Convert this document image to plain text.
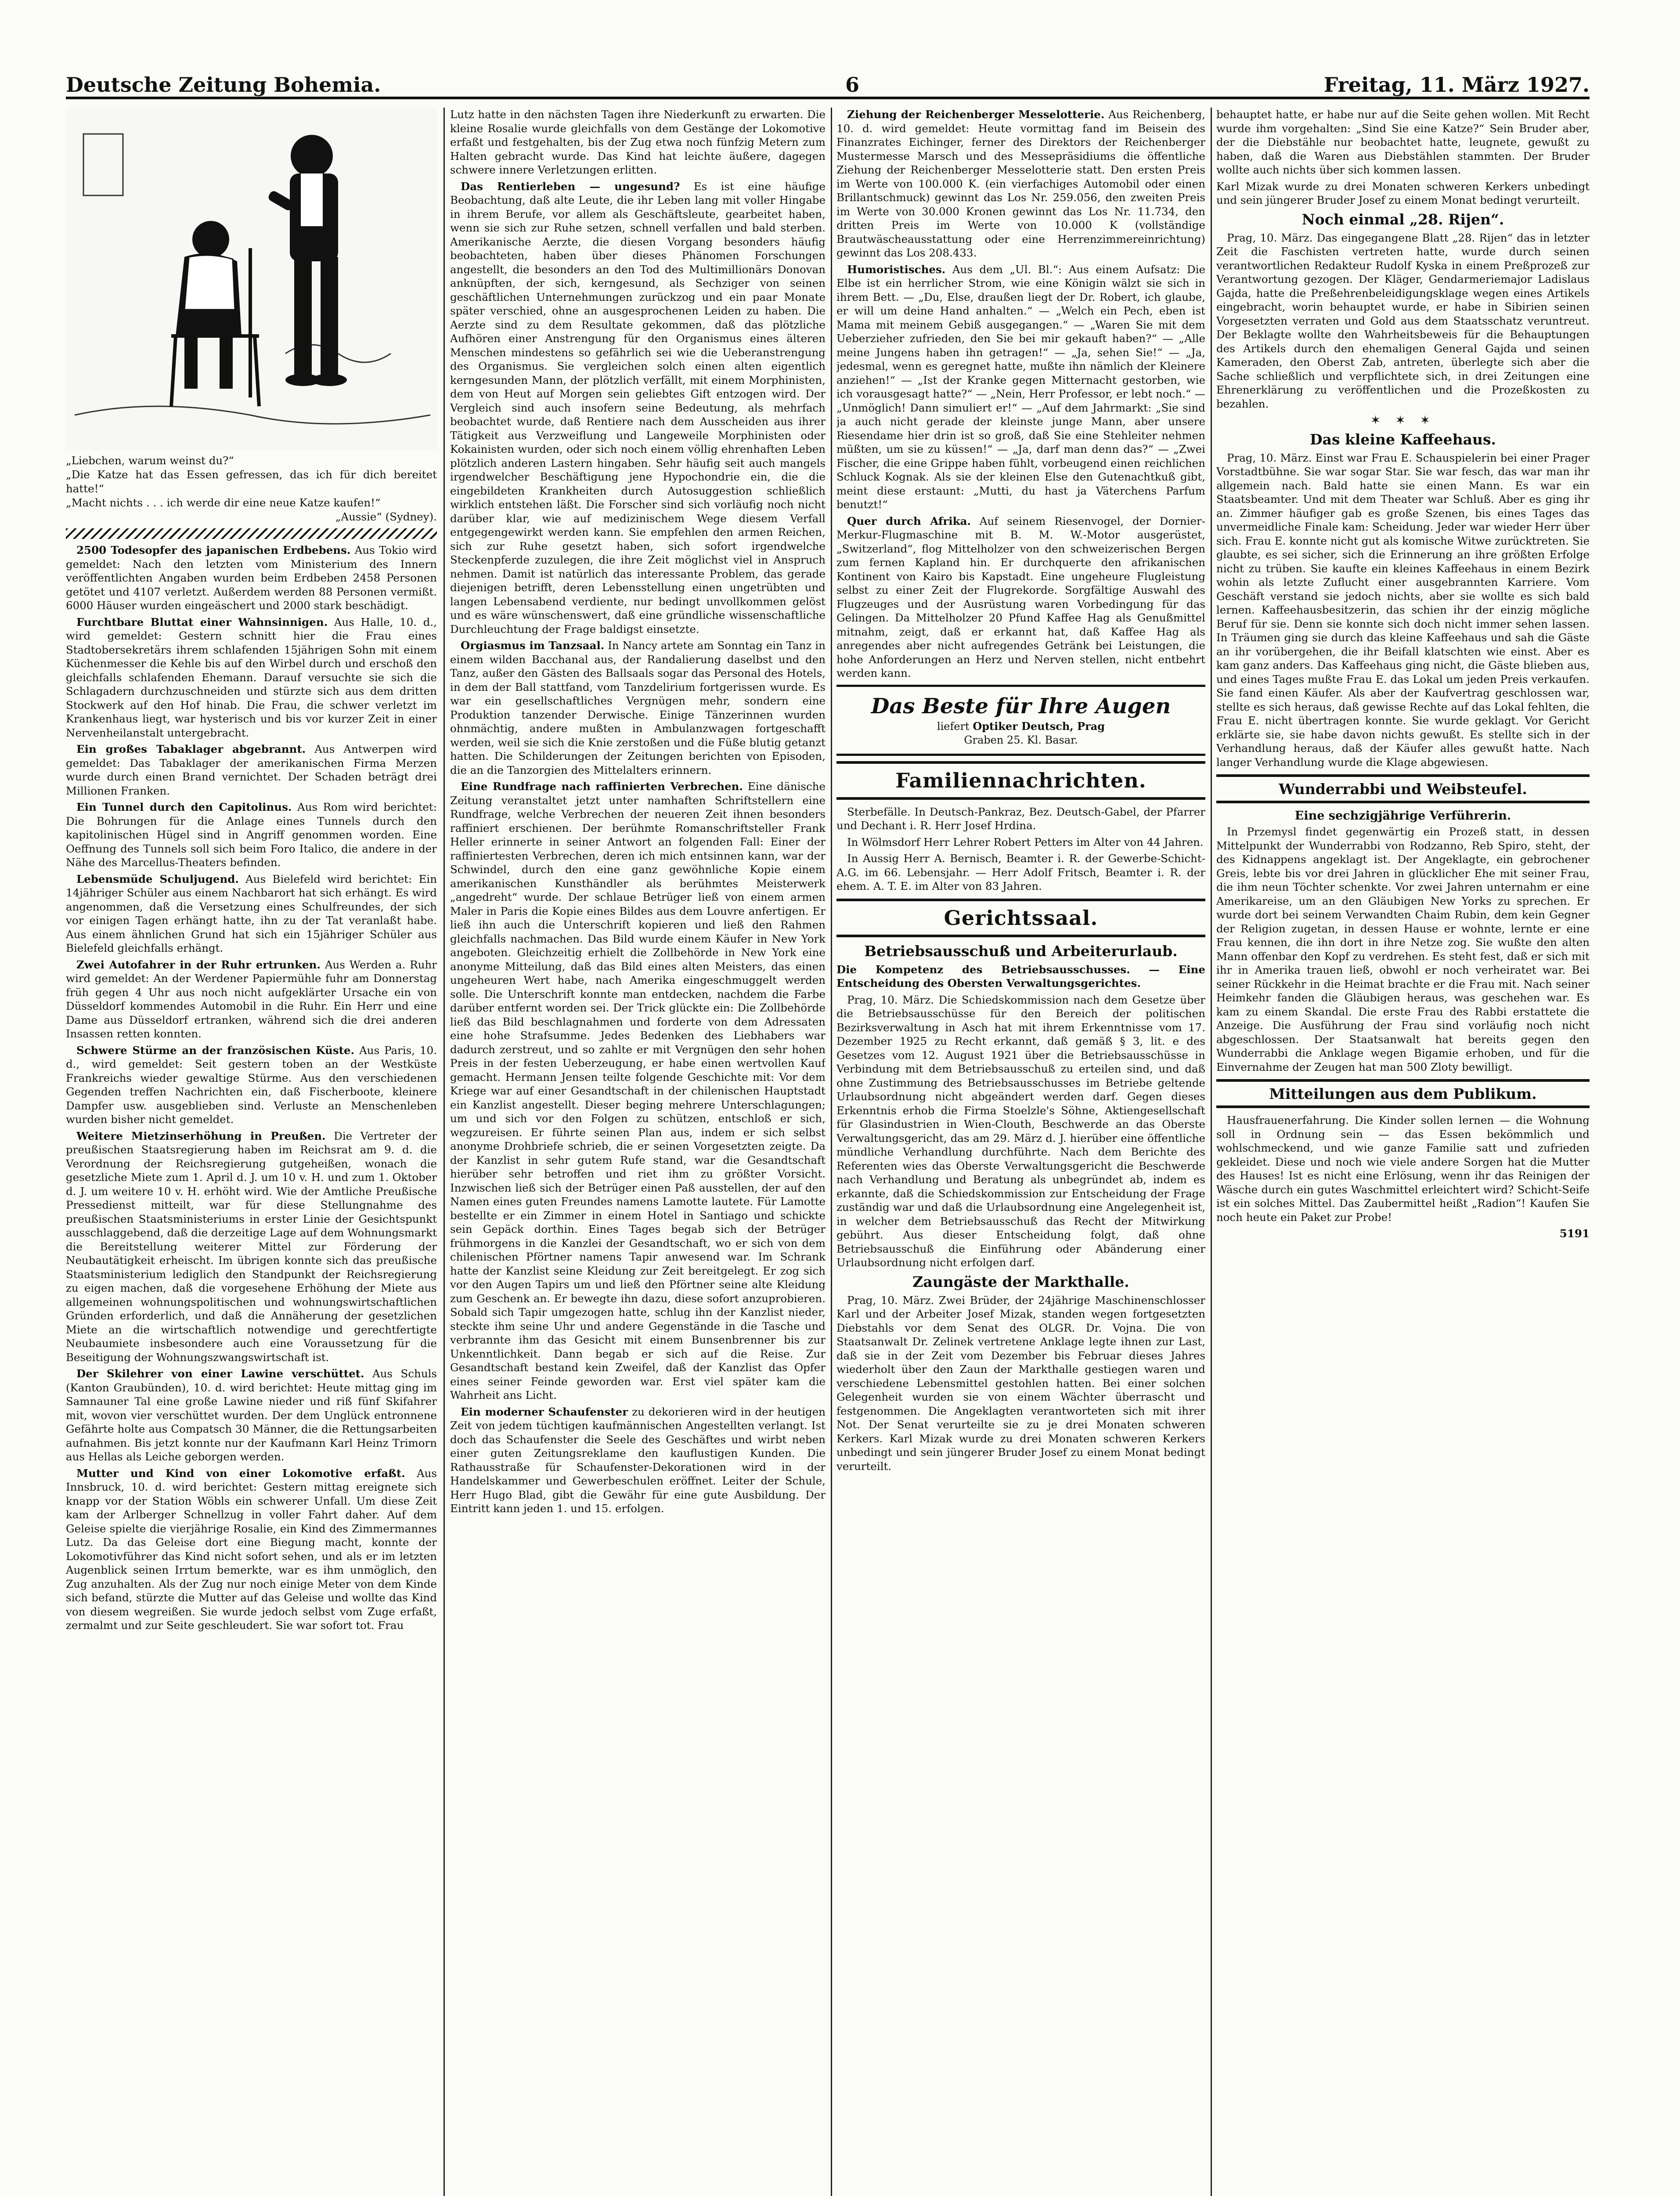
Deutsche Zeitung Bohemia.	6	Freitag, 11. März 1927.
„Liebchen, warum weinst du?“
„Die Katze hat das Essen gefressen, das ich für dich bereitet hatte!“
„Macht nichts . . . ich werde dir eine neue Katze kaufen!“
„Aussie“ (Sydney).

2500 Todesopfer des japanischen Erdbebens. Aus Tokio wird gemeldet: Nach den letzten vom Ministerium des Innern veröffentlichten Angaben wurden beim Erdbeben 2458 Personen getötet und 4107 verletzt. Außerdem werden 88 Personen vermißt. 6000 Häuser wurden eingeäschert und 2000 stark beschädigt.

Furchtbare Bluttat einer Wahnsinnigen. Aus Halle, 10. d., wird gemeldet: Gestern schnitt hier die Frau eines Stadtobersekretärs ihrem schlafenden 15jährigen Sohn mit einem Küchenmesser die Kehle bis auf den Wirbel durch und erschoß den gleichfalls schlafenden Ehemann. Darauf versuchte sie sich die Schlagadern durchzuschneiden und stürzte sich aus dem dritten Stockwerk auf den Hof hinab. Die Frau, die schwer verletzt im Krankenhaus liegt, war hysterisch und bis vor kurzer Zeit in einer Nervenheilanstalt untergebracht.

Ein großes Tabaklager abgebrannt. Aus Antwerpen wird gemeldet: Das Tabaklager der amerikanischen Firma Merzen wurde durch einen Brand vernichtet. Der Schaden beträgt drei Millionen Franken.

Ein Tunnel durch den Capitolinus. Aus Rom wird berichtet: Die Bohrungen für die Anlage eines Tunnels durch den kapitolinischen Hügel sind in Angriff genommen worden. Eine Oeffnung des Tunnels soll sich beim Foro Italico, die andere in der Nähe des Marcellus-Theaters befinden.

Lebensmüde Schuljugend. Aus Bielefeld wird berichtet: Ein 14jähriger Schüler aus einem Nachbarort hat sich erhängt. Es wird angenommen, daß die Versetzung eines Schulfreundes, der sich vor einigen Tagen erhängt hatte, ihn zu der Tat veranlaßt habe. Aus einem ähnlichen Grund hat sich ein 15jähriger Schüler aus Bielefeld gleichfalls erhängt.

Zwei Autofahrer in der Ruhr ertrunken. Aus Werden a. Ruhr wird gemeldet: An der Werdener Papiermühle fuhr am Donnerstag früh gegen 4 Uhr aus noch nicht aufgeklärter Ursache ein von Düsseldorf kommendes Automobil in die Ruhr. Ein Herr und eine Dame aus Düsseldorf ertranken, während sich die drei anderen Insassen retten konnten.

Schwere Stürme an der französischen Küste. Aus Paris, 10. d., wird gemeldet: Seit gestern toben an der Westküste Frankreichs wieder gewaltige Stürme. Aus den verschiedenen Gegenden treffen Nachrichten ein, daß Fischerboote, kleinere Dampfer usw. ausgeblieben sind. Verluste an Menschenleben wurden bisher nicht gemeldet.

Weitere Mietzinserhöhung in Preußen. Die Vertreter der preußischen Staatsregierung haben im Reichsrat am 9. d. die Verordnung der Reichsregierung gutgeheißen, wonach die gesetzliche Miete zum 1. April d. J. um 10 v. H. und zum 1. Oktober d. J. um weitere 10 v. H. erhöht wird. Wie der Amtliche Preußische Pressedienst mitteilt, war für diese Stellungnahme des preußischen Staatsministeriums in erster Linie der Gesichtspunkt ausschlaggebend, daß die derzeitige Lage auf dem Wohnungsmarkt die Bereitstellung weiterer Mittel zur Förderung der Neubautätigkeit erheischt. Im übrigen konnte sich das preußische Staatsministerium lediglich den Standpunkt der Reichsregierung zu eigen machen, daß die vorgesehene Erhöhung der Miete aus allgemeinen wohnungspolitischen und wohnungswirtschaftlichen Gründen erforderlich, und daß die Annäherung der gesetzlichen Miete an die wirtschaftlich notwendige und gerechtfertigte Neubaumiete insbesondere auch eine Voraussetzung für die Beseitigung der Wohnungszwangswirtschaft ist.

Der Skilehrer von einer Lawine verschüttet. Aus Schuls (Kanton Graubünden), 10. d. wird berichtet: Heute mittag ging im Samnauner Tal eine große Lawine nieder und riß fünf Skifahrer mit, wovon vier verschüttet wurden. Der dem Unglück entronnene Gefährte holte aus Compatsch 30 Männer, die die Rettungsarbeiten aufnahmen. Bis jetzt konnte nur der Kaufmann Karl Heinz Trimorn aus Hellas als Leiche geborgen werden.

Mutter und Kind von einer Lokomotive erfaßt. Aus Innsbruck, 10. d. wird berichtet: Gestern mittag ereignete sich knapp vor der Station Wöbls ein schwerer Unfall. Um diese Zeit kam der Arlberger Schnellzug in voller Fahrt daher. Auf dem Geleise spielte die vierjährige Rosalie, ein Kind des Zimmermannes Lutz. Da das Geleise dort eine Biegung macht, konnte der Lokomotivführer das Kind nicht sofort sehen, und als er im letzten Augenblick seinen Irrtum bemerkte, war es ihm unmöglich, den Zug anzuhalten. Als der Zug nur noch einige Meter von dem Kinde sich befand, stürzte die Mutter auf das Geleise und wollte das Kind von diesem wegreißen. Sie wurde jedoch selbst vom Zuge erfaßt, zermalmt und zur Seite geschleudert. Sie war sofort tot. Frau

Lutz hatte in den nächsten Tagen ihre Niederkunft zu erwarten. Die kleine Rosalie wurde gleichfalls von dem Gestänge der Lokomotive erfaßt und festgehalten, bis der Zug etwa noch fünfzig Metern zum Halten gebracht wurde. Das Kind hat leichte äußere, dagegen schwere innere Verletzungen erlitten.

Das Rentierleben — ungesund? Es ist eine häufige Beobachtung, daß alte Leute, die ihr Leben lang mit voller Hingabe in ihrem Berufe, vor allem als Geschäftsleute, gearbeitet haben, wenn sie sich zur Ruhe setzen, schnell verfallen und bald sterben. Amerikanische Aerzte, die diesen Vorgang besonders häufig beobachteten, haben über dieses Phänomen Forschungen angestellt, die besonders an den Tod des Multimillionärs Donovan anknüpften, der sich, kerngesund, als Sechziger von seinen geschäftlichen Unternehmungen zurückzog und ein paar Monate später verschied, ohne an ausgesprochenen Leiden zu haben. Die Aerzte sind zu dem Resultate gekommen, daß das plötzliche Aufhören einer Anstrengung für den Organismus eines älteren Menschen mindestens so gefährlich sei wie die Ueberanstrengung des Organismus. Sie vergleichen solch einen alten eigentlich kerngesunden Mann, der plötzlich verfällt, mit einem Morphinisten, dem von Heut auf Morgen sein geliebtes Gift entzogen wird. Der Vergleich sind auch insofern seine Bedeutung, als mehrfach beobachtet wurde, daß Rentiere nach dem Ausscheiden aus ihrer Tätigkeit aus Verzweiflung und Langeweile Morphinisten oder Kokainisten wurden, oder sich noch einem völlig ehrenhaften Leben plötzlich anderen Lastern hingaben. Sehr häufig seit auch mangels irgendwelcher Beschäftigung jene Hypochondrie ein, die die eingebildeten Krankheiten durch Autosuggestion schließlich wirklich entstehen läßt. Die Forscher sind sich vorläufig noch nicht darüber klar, wie auf medizinischem Wege diesem Verfall entgegengewirkt werden kann. Sie empfehlen den armen Reichen, sich zur Ruhe gesetzt haben, sich sofort irgendwelche Steckenpferde zuzulegen, die ihre Zeit möglichst viel in Anspruch nehmen. Damit ist natürlich das interessante Problem, das gerade diejenigen betrifft, deren Lebensstellung einen ungetrübten und langen Lebensabend verdiente, nur bedingt unvollkommen gelöst und es wäre wünschenswert, daß eine gründliche wissenschaftliche Durchleuchtung der Frage baldigst einsetzte.

Orgiasmus im Tanzsaal. In Nancy artete am Sonntag ein Tanz in einem wilden Bacchanal aus, der Randalierung daselbst und den Tanz, außer den Gästen des Ballsaals sogar das Personal des Hotels, in dem der Ball stattfand, vom Tanzdelirium fortgerissen wurde. Es war ein gesellschaftliches Vergnügen mehr, sondern eine Produktion tanzender Derwische. Einige Tänzerinnen wurden ohnmächtig, andere mußten in Ambulanzwagen fortgeschafft werden, weil sie sich die Knie zerstoßen und die Füße blutig getanzt hatten. Die Schilderungen der Zeitungen berichten von Episoden, die an die Tanzorgien des Mittelalters erinnern.

Eine Rundfrage nach raffinierten Verbrechen. Eine dänische Zeitung veranstaltet jetzt unter namhaften Schriftstellern eine Rundfrage, welche Verbrechen der neueren Zeit ihnen besonders raffiniert erschienen. Der berühmte Romanschriftsteller Frank Heller erinnerte in seiner Antwort an folgenden Fall: Einer der raffiniertesten Verbrechen, deren ich mich entsinnen kann, war der Schwindel, durch den eine ganz gewöhnliche Kopie einem amerikanischen Kunsthändler als berühmtes Meisterwerk „angedreht“ wurde. Der schlaue Betrüger ließ von einem armen Maler in Paris die Kopie eines Bildes aus dem Louvre anfertigen. Er ließ ihn auch die Unterschrift kopieren und ließ den Rahmen gleichfalls nachmachen. Das Bild wurde einem Käufer in New York angeboten. Gleichzeitig erhielt die Zollbehörde in New York eine anonyme Mitteilung, daß das Bild eines alten Meisters, das einen ungeheuren Wert habe, nach Amerika eingeschmuggelt werden solle. Die Unterschrift konnte man entdecken, nachdem die Farbe darüber entfernt worden sei. Der Trick glückte ein: Die Zollbehörde ließ das Bild beschlagnahmen und forderte von dem Adressaten eine hohe Strafsumme. Jedes Bedenken des Liebhabers war dadurch zerstreut, und so zahlte er mit Vergnügen den sehr hohen Preis in der festen Ueberzeugung, er habe einen wertvollen Kauf gemacht. Hermann Jensen teilte folgende Geschichte mit: Vor dem Kriege war auf einer Gesandtschaft in der chilenischen Hauptstadt ein Kanzlist angestellt. Dieser beging mehrere Unterschlagungen; um und sich vor den Folgen zu schützen, entschloß er sich, wegzureisen. Er führte seinen Plan aus, indem er sich selbst anonyme Drohbriefe schrieb, die er seinen Vorgesetzten zeigte. Da der Kanzlist in sehr gutem Rufe stand, war die Gesandtschaft hierüber sehr betroffen und riet ihm zu größter Vorsicht. Inzwischen ließ sich der Betrüger einen Paß ausstellen, der auf den Namen eines guten Freundes namens Lamotte lautete. Für Lamotte bestellte er ein Zimmer in einem Hotel in Santiago und schickte sein Gepäck dorthin. Eines Tages begab sich der Betrüger frühmorgens in die Kanzlei der Gesandtschaft, wo er sich von dem chilenischen Pförtner namens Tapir anwesend war. Im Schrank hatte der Kanzlist seine Kleidung zur Zeit bereitgelegt. Er zog sich vor den Augen Tapirs um und ließ den Pförtner seine alte Kleidung zum Geschenk an. Er bewegte ihn dazu, diese sofort anzuprobieren. Sobald sich Tapir umgezogen hatte, schlug ihn der Kanzlist nieder, steckte ihm seine Uhr und andere Gegenstände in die Tasche und verbrannte ihm das Gesicht mit einem Bunsenbrenner bis zur Unkenntlichkeit. Dann begab er sich auf die Reise. Zur Gesandtschaft bestand kein Zweifel, daß der Kanzlist das Opfer eines seiner Feinde geworden war. Erst viel später kam die Wahrheit ans Licht.

Ein moderner Schaufenster zu dekorieren wird in der heutigen Zeit von jedem tüchtigen kaufmännischen Angestellten verlangt. Ist doch das Schaufenster die Seele des Geschäftes und wirbt neben einer guten Zeitungsreklame den kauflustigen Kunden. Die Rathausstraße für Schaufenster-Dekorationen wird in der Handelskammer und Gewerbeschulen eröffnet. Leiter der Schule, Herr Hugo Blad, gibt die Gewähr für eine gute Ausbildung. Der Eintritt kann jeden 1. und 15. erfolgen.

Ziehung der Reichenberger Messelotterie. Aus Reichenberg, 10. d. wird gemeldet: Heute vormittag fand im Beisein des Finanzrates Eichinger, ferner des Direktors der Reichenberger Mustermesse Marsch und des Messepräsidiums die öffentliche Ziehung der Reichenberger Messelotterie statt. Den ersten Preis im Werte von 100.000 K. (ein vierfachiges Automobil oder einen Brillantschmuck) gewinnt das Los Nr. 259.056, den zweiten Preis im Werte von 30.000 Kronen gewinnt das Los Nr. 11.734, den dritten Preis im Werte von 10.000 K (vollständige Brautwäscheausstattung oder eine Herrenzimmereinrichtung) gewinnt das Los 208.433.

Humoristisches. Aus dem „Ul. Bl.“: Aus einem Aufsatz: Die Elbe ist ein herrlicher Strom, wie eine Königin wälzt sie sich in ihrem Bett. — „Du, Else, draußen liegt der Dr. Robert, ich glaube, er will um deine Hand anhalten.“ — „Welch ein Pech, eben ist Mama mit meinem Gebiß ausgegangen.“ — „Waren Sie mit dem Ueberzieher zufrieden, den Sie bei mir gekauft haben?“ — „Alle meine Jungens haben ihn getragen!“ — „Ja, sehen Sie!“ — „Ja, jedesmal, wenn es geregnet hatte, mußte ihn nämlich der Kleinere anziehen!“ — „Ist der Kranke gegen Mitternacht gestorben, wie ich vorausgesagt hatte?“ — „Nein, Herr Professor, er lebt noch.“ — „Unmöglich! Dann simuliert er!“ — „Auf dem Jahrmarkt: „Sie sind ja auch nicht gerade der kleinste junge Mann, aber unsere Riesendame hier drin ist so groß, daß Sie eine Stehleiter nehmen müßten, um sie zu küssen!“ — „Ja, darf man denn das?“ — „Zwei Fischer, die eine Grippe haben fühlt, vorbeugend einen reichlichen Schluck Kognak. Als sie der kleinen Else den Gutenachtkuß gibt, meint diese erstaunt: „Mutti, du hast ja Väterchens Parfum benutzt!“

Quer durch Afrika. Auf seinem Riesenvogel, der Dornier-Merkur-Flugmaschine mit B. M. W.-Motor ausgerüstet, „Switzerland“, flog Mittelholzer von den schweizerischen Bergen zum fernen Kapland hin. Er durchquerte den afrikanischen Kontinent von Kairo bis Kapstadt. Eine ungeheure Flugleistung selbst zu einer Zeit der Flugrekorde. Sorgfältige Auswahl des Flugzeuges und der Ausrüstung waren Vorbedingung für das Gelingen. Da Mittelholzer 20 Pfund Kaffee Hag als Genußmittel mitnahm, zeigt, daß er erkannt hat, daß Kaffee Hag als anregendes aber nicht aufregendes Getränk bei Leistungen, die hohe Anforderungen an Herz und Nerven stellen, nicht entbehrt werden kann.

Das Beste für Ihre Augen
liefert Optiker Deutsch, Prag
Graben 25. Kl. Basar.
Familiennachrichten.

Sterbefälle. In Deutsch-Pankraz, Bez. Deutsch-Gabel, der Pfarrer und Dechant i. R. Herr Josef Hrdina.

In Wölmsdorf Herr Lehrer Robert Petters im Alter von 44 Jahren.

In Aussig Herr A. Bernisch, Beamter i. R. der Gewerbe-Schicht-A.G. im 66. Lebensjahr. — Herr Adolf Fritsch, Beamter i. R. der ehem. A. T. E. im Alter von 83 Jahren.

Gerichtssaal.
Betriebsausschuß und Arbeiterurlaub.

Die Kompetenz des Betriebsausschusses. — Eine Entscheidung des Obersten Verwaltungsgerichtes.

Prag, 10. März. Die Schiedskommission nach dem Gesetze über die Betriebsausschüsse für den Bereich der politischen Bezirksverwaltung in Asch hat mit ihrem Erkenntnisse vom 17. Dezember 1925 zu Recht erkannt, daß gemäß § 3, lit. e des Gesetzes vom 12. August 1921 über die Betriebsausschüsse in Verbindung mit dem Betriebsausschuß zu erteilen sind, und daß ohne Zustimmung des Betriebsausschusses im Betriebe geltende Urlaubsordnung nicht abgeändert werden darf. Gegen dieses Erkenntnis erhob die Firma Stoelzle's Söhne, Aktiengesellschaft für Glasindustrien in Wien-Clouth, Beschwerde an das Oberste Verwaltungsgericht, das am 29. März d. J. hierüber eine öffentliche mündliche Verhandlung durchführte. Nach dem Berichte des Referenten wies das Oberste Verwaltungsgericht die Beschwerde nach Verhandlung und Beratung als unbegründet ab, indem es erkannte, daß die Schiedskommission zur Entscheidung der Frage zuständig war und daß die Urlaubsordnung eine Angelegenheit ist, in welcher dem Betriebsausschuß das Recht der Mitwirkung gebührt. Aus dieser Entscheidung folgt, daß ohne Betriebsausschuß die Einführung oder Abänderung einer Urlaubsordnung nicht erfolgen darf.

Zaungäste der Markthalle.

Prag, 10. März. Zwei Brüder, der 24jährige Maschinenschlosser Karl und der Arbeiter Josef Mizak, standen wegen fortgesetzten Diebstahls vor dem Senat des OLGR. Dr. Vojna. Die von Staatsanwalt Dr. Zelinek vertretene Anklage legte ihnen zur Last, daß sie in der Zeit vom Dezember bis Februar dieses Jahres wiederholt über den Zaun der Markthalle gestiegen waren und verschiedene Lebensmittel gestohlen hatten. Bei einer solchen Gelegenheit wurden sie von einem Wächter überrascht und festgenommen. Die Angeklagten verantworteten sich mit ihrer Not. Der Senat verurteilte sie zu je drei Monaten schweren Kerkers. Karl Mizak wurde zu drei Monaten schweren Kerkers unbedingt und sein jüngerer Bruder Josef zu einem Monat bedingt verurteilt.

behauptet hatte, er habe nur auf die Seite gehen wollen. Mit Recht wurde ihm vorgehalten: „Sind Sie eine Katze?“ Sein Bruder aber, der die Diebstähle nur beobachtet hatte, leugnete, gewußt zu haben, daß die Waren aus Diebstählen stammten. Der Bruder wollte auch nichts über sich kommen lassen.

Karl Mizak wurde zu drei Monaten schweren Kerkers unbedingt und sein jüngerer Bruder Josef zu einem Monat bedingt verurteilt.

Noch einmal „28. Rijen“.

Prag, 10. März. Das eingegangene Blatt „28. Rijen“ das in letzter Zeit die Faschisten vertreten hatte, wurde durch seinen verantwortlichen Redakteur Rudolf Kyska in einem Preßprozeß zur Verantwortung gezogen. Der Kläger, Gendarmeriemajor Ladislaus Gajda, hatte die Preßehrenbeleidigungsklage wegen eines Artikels eingebracht, worin behauptet wurde, er habe in Sibirien seinen Vorgesetzten verraten und Gold aus dem Staatsschatz veruntreut. Der Beklagte wollte den Wahrheitsbeweis für die Behauptungen des Artikels durch den ehemaligen General Gajda und seinen Kameraden, den Oberst Zab, antreten, überlegte sich aber die Sache schließlich und verpflichtete sich, in drei Zeitungen eine Ehrenerklärung zu veröffentlichen und die Prozeßkosten zu bezahlen.

✶ ✶ ✶
Das kleine Kaffeehaus.

Prag, 10. März. Einst war Frau E. Schauspielerin bei einer Prager Vorstadtbühne. Sie war sogar Star. Sie war fesch, das war man ihr allgemein nach. Bald hatte sie einen Mann. Es war ein Staatsbeamter. Und mit dem Theater war Schluß. Aber es ging ihr an. Zimmer häufiger gab es große Szenen, bis eines Tages das unvermeidliche Finale kam: Scheidung. Jeder war wieder Herr über sich. Frau E. konnte nicht gut als komische Witwe zurücktreten. Sie glaubte, es sei sicher, sich die Erinnerung an ihre größten Erfolge nicht zu trüben. Sie kaufte ein kleines Kaffeehaus in einem Bezirk wohin als letzte Zuflucht einer ausgebrannten Karriere. Vom Geschäft verstand sie jedoch nichts, aber sie wollte es sich bald lernen. Kaffeehausbesitzerin, das schien ihr der einzig mögliche Beruf für sie. Denn sie konnte sich doch nicht immer sehen lassen. In Träumen ging sie durch das kleine Kaffeehaus und sah die Gäste an ihr vorübergehen, die ihr Beifall klatschten wie einst. Aber es kam ganz anders. Das Kaffeehaus ging nicht, die Gäste blieben aus, und eines Tages mußte Frau E. das Lokal um jeden Preis verkaufen. Sie fand einen Käufer. Als aber der Kaufvertrag geschlossen war, stellte es sich heraus, daß gewisse Rechte auf das Lokal fehlten, die Frau E. nicht übertragen konnte. Sie wurde geklagt. Vor Gericht erklärte sie, sie habe davon nichts gewußt. Es stellte sich in der Verhandlung heraus, daß der Käufer alles gewußt hatte. Nach langer Verhandlung wurde die Klage abgewiesen.

Wunderrabbi und Weibsteufel.
Eine sechzigjährige Verführerin.

In Przemysl findet gegenwärtig ein Prozeß statt, in dessen Mittelpunkt der Wunderrabbi von Rodzanno, Reb Spiro, steht, der des Kidnappens angeklagt ist. Der Angeklagte, ein gebrochener Greis, lebte bis vor drei Jahren in glücklicher Ehe mit seiner Frau, die ihm neun Töchter schenkte. Vor zwei Jahren unternahm er eine Amerikareise, um an den Gläubigen New Yorks zu sprechen. Er wurde dort bei seinem Verwandten Chaim Rubin, dem kein Gegner der Religion zugetan, in dessen Hause er wohnte, lernte er eine Frau kennen, die ihn dort in ihre Netze zog. Sie wußte den alten Mann offenbar den Kopf zu verdrehen. Es steht fest, daß er sich mit ihr in Amerika trauen ließ, obwohl er noch verheiratet war. Bei seiner Rückkehr in die Heimat brachte er die Frau mit. Nach seiner Heimkehr fanden die Gläubigen heraus, was geschehen war. Es kam zu einem Skandal. Die erste Frau des Rabbi erstattete die Anzeige. Die Ausführung der Frau sind vorläufig noch nicht abgeschlossen. Der Staatsanwalt hat bereits gegen den Wunderrabbi die Anklage wegen Bigamie erhoben, und für die Einvernahme der Zeugen hat man 500 Zloty bewilligt.

Mitteilungen aus dem Publikum.

Hausfrauenerfahrung. Die Kinder sollen lernen — die Wohnung soll in Ordnung sein — das Essen bekömmlich und wohlschmeckend, und wie ganze Familie satt und zufrieden gekleidet. Diese und noch wie viele andere Sorgen hat die Mutter des Hauses! Ist es nicht eine Erlösung, wenn ihr das Reinigen der Wäsche durch ein gutes Waschmittel erleichtert wird? Schicht-Seife ist ein solches Mittel. Das Zaubermittel heißt „Radion“! Kaufen Sie noch heute ein Paket zur Probe!

5191
